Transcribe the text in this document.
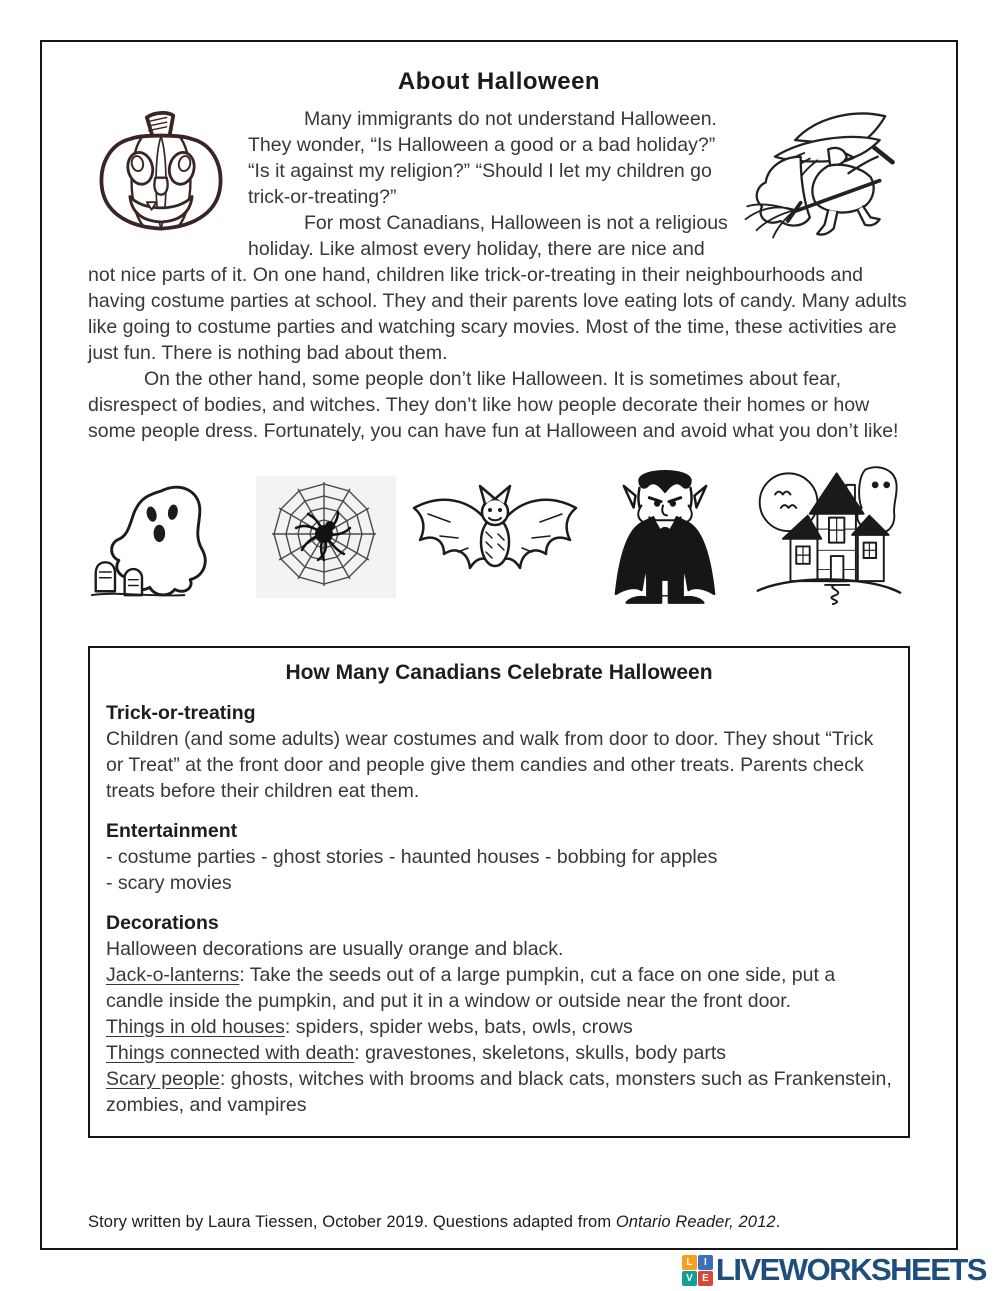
About Halloween

Many immigrants do not understand Halloween. They wonder, “Is Halloween a good or a bad holiday?” “Is it against my religion?” “Should I let my children go trick-or-treating?”

For most Canadians, Halloween is not a religious holiday. Like almost every holiday, there are nice and not nice parts of it. On one hand, children like trick-or-treating in their neighbourhoods and having costume parties at school. They and their parents love eating lots of candy. Many adults like going to costume parties and watching scary movies. Most of the time, these activities are just fun. There is nothing bad about them.

On the other hand, some people don’t like Halloween. It is sometimes about fear, disrespect of bodies, and witches. They don’t like how people decorate their homes or how some people dress. Fortunately, you can have fun at Halloween and avoid what you don’t like!

How Many Canadians Celebrate Halloween
Trick-or-treating
Children (and some adults) wear costumes and walk from door to door. They shout “Trick or Treat” at the front door and people give them candies and other treats. Parents check treats before their children eat them.
Entertainment
- costume parties - ghost stories - haunted houses - bobbing for apples
- scary movies
Decorations
Halloween decorations are usually orange and black.
Jack-o-lanterns: Take the seeds out of a large pumpkin, cut a face on one side, put a candle inside the pumpkin, and put it in a window or outside near the front door.
Things in old houses: spiders, spider webs, bats, owls, crows
Things connected with death: gravestones, skeletons, skulls, body parts
Scary people: ghosts, witches with brooms and black cats, monsters such as Frankenstein, zombies, and vampires
Story written by Laura Tiessen, October 2019. Questions adapted from Ontario Reader, 2012.
L	I
V E LIVEWORKSHEETS
